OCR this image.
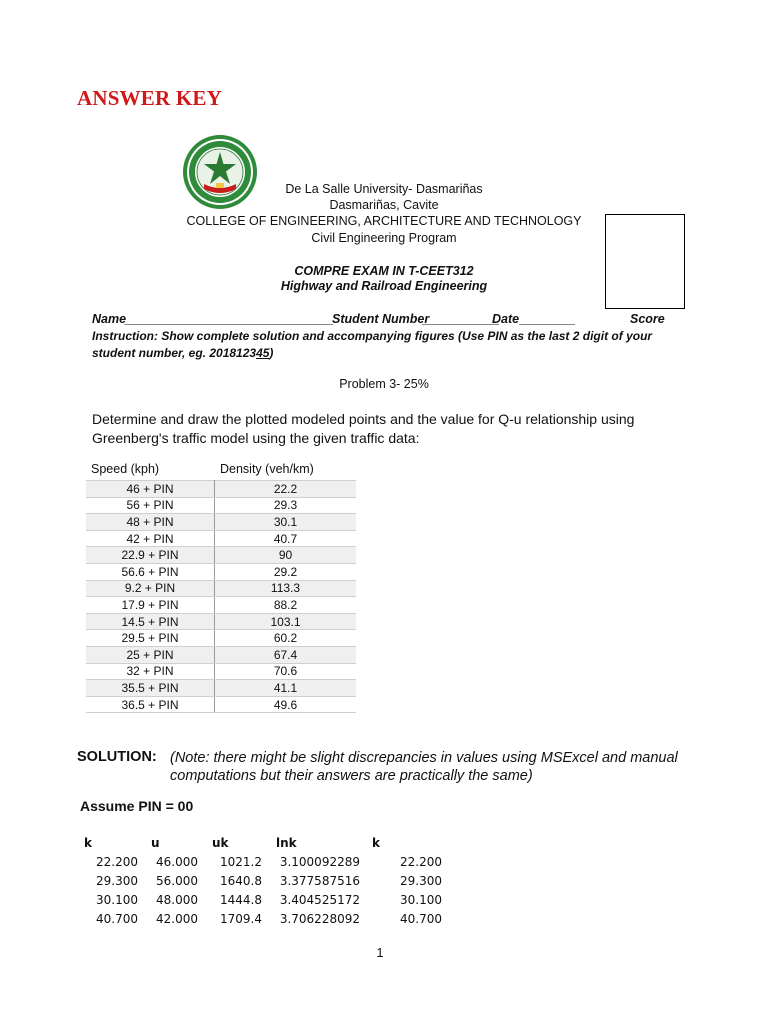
ANSWER KEY
De La Salle University- Dasmariñas
Dasmariñas, Cavite
COLLEGE OF ENGINEERING, ARCHITECTURE AND TECHNOLOGY
Civil Engineering Program
COMPRE EXAM IN T-CEET312
Highway and Railroad Engineering
Name
______________________________
Student Number
___________
Date ________	Score
Instruction: Show complete solution and accompanying figures (Use PIN as the last 2 digit of your student number, eg. 201812345)
Problem 3- 25%
Determine and draw the plotted modeled points and the value for Q-u relationship using Greenberg's traffic model using the given traffic data:
Speed (kph)	Density (veh/km)
46 + PIN	22.2
56 + PIN	29.3
48 + PIN	30.1
42 + PIN	40.7
22.9 + PIN	90
56.6 + PIN	29.2
9.2 + PIN	113.3
17.9 + PIN	88.2
14.5 + PIN	103.1
29.5 + PIN	60.2
25 + PIN	67.4
32 + PIN	70.6
35.5 + PIN	41.1
36.5 + PIN	49.6
SOLUTION: (Note: there might be slight discrepancies in values using MSExcel and manual computations but their answers are practically the same)
Assume PIN = 00
k	u	uk	lnk	k
22.200	46.000	1021.2	3.100092289	22.200
29.300	56.000	1640.8	3.377587516	29.300
30.100	48.000	1444.8	3.404525172	30.100
40.700	42.000	1709.4	3.706228092	40.700
1
